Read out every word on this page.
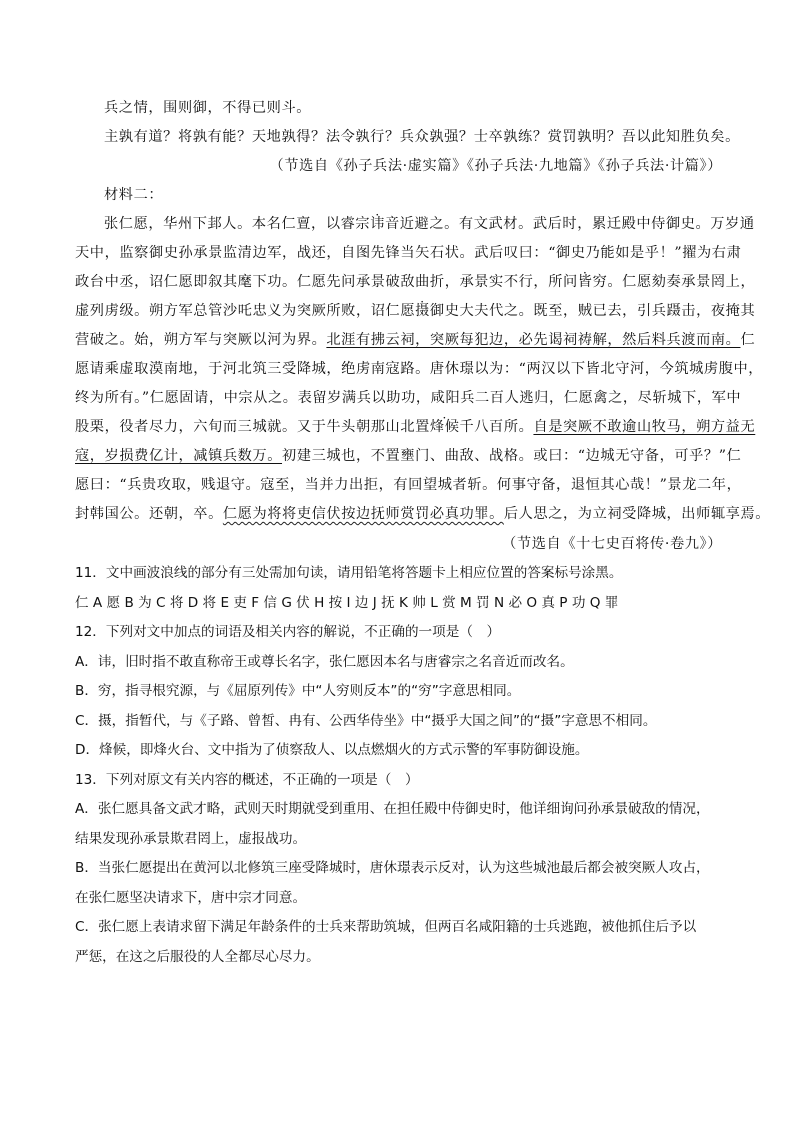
兵之情，围则御，不得已则斗。
主孰有道？将孰有能？天地孰得？法令孰行？兵众孰强？士卒孰练？赏罚孰明？吾以此知胜负矣。
（节选自《孙子兵法·虚实篇》《孙子兵法·九地篇》《孙子兵法·计篇》）
材料二：
张仁愿，华州下邽人。本名仁亶，以睿宗讳音近避之。有文武材。武后时，累迁殿中侍御史。万岁通
天中，监察御史孙承景监清边军，战还，自图先锋当矢石状。武后叹曰：“御史乃能如是乎！”擢为右肃
政台中丞，诏仁愿即叙其麾下功。仁愿先问承景破敌曲折，承景实不行，所问皆穷。仁愿劾奏承景罔上，
虚列虏级。朔方军总管沙吒忠义为突厥所败，诏仁愿摄御史大夫代之。既至，贼已去，引兵蹑击，夜掩其
营破之。始，朔方军与突厥以河为界。北涯有拂云祠，突厥每犯边，必先谒祠祷解，然后料兵渡而南。仁
愿请乘虚取漠南地，于河北筑三受降城，绝虏南寇路。唐休璟以为：“两汉以下皆北守河，今筑城虏腹中，
终为所有。”仁愿固请，中宗从之。表留岁满兵以助功，咸阳兵二百人逃归，仁愿禽之，尽斩城下，军中
股栗，役者尽力，六旬而三城就。又于牛头朝那山北置烽候千八百所。自是突厥不敢逾山牧马，朔方益无
寇，岁损费亿计，减镇兵数万。初建三城也，不置壅门、曲敌、战格。或曰：“边城无守备，可乎？”仁
愿曰：“兵贵攻取，贱退守。寇至，当并力出拒，有回望城者斩。何事守备，退恒其心哉！”景龙二年，
封韩国公。还朝，卒。仁愿为将将吏信伏按边抚师赏罚必真功罪。后人思之，为立祠受降城，出师辄享焉。
（节选自《十七史百将传·卷九》）
11．文中画波浪线的部分有三处需加句读，请用铅笔将答题卡上相应位置的答案标号涂黑。
仁 A 愿 B 为 C 将 D 将 E 吏 F 信 G 伏 H 按 I 边 J 抚 K 帅 L 赏 M 罚 N 必 O 真 P 功 Q 罪
12．下列对文中加点的词语及相关内容的解说，不正确的一项是（　）
A．讳，旧时指不敢直称帝王或尊长名字，张仁愿因本名与唐睿宗之名音近而改名。
B．穷，指寻根究源，与《屈原列传》中“人穷则反本”的“穷”字意思相同。
C．摄，指暂代，与《子路、曾皙、冉有、公西华侍坐》中“摄乎大国之间”的“摄”字意思不相同。
D．烽候，即烽火台、文中指为了侦察敌人、以点燃烟火的方式示警的军事防御设施。
13．下列对原文有关内容的概述，不正确的一项是（　）
A．张仁愿具备文武才略，武则天时期就受到重用、在担任殿中侍御史时，他详细询问孙承景破敌的情况，
结果发现孙承景欺君罔上，虚报战功。
B．当张仁愿提出在黄河以北修筑三座受降城时，唐休璟表示反对，认为这些城池最后都会被突厥人攻占，
在张仁愿坚决请求下，唐中宗才同意。
C．张仁愿上表请求留下满足年龄条件的士兵来帮助筑城，但两百名咸阳籍的士兵逃跑，被他抓住后予以
严惩，在这之后服役的人全都尽心尽力。
